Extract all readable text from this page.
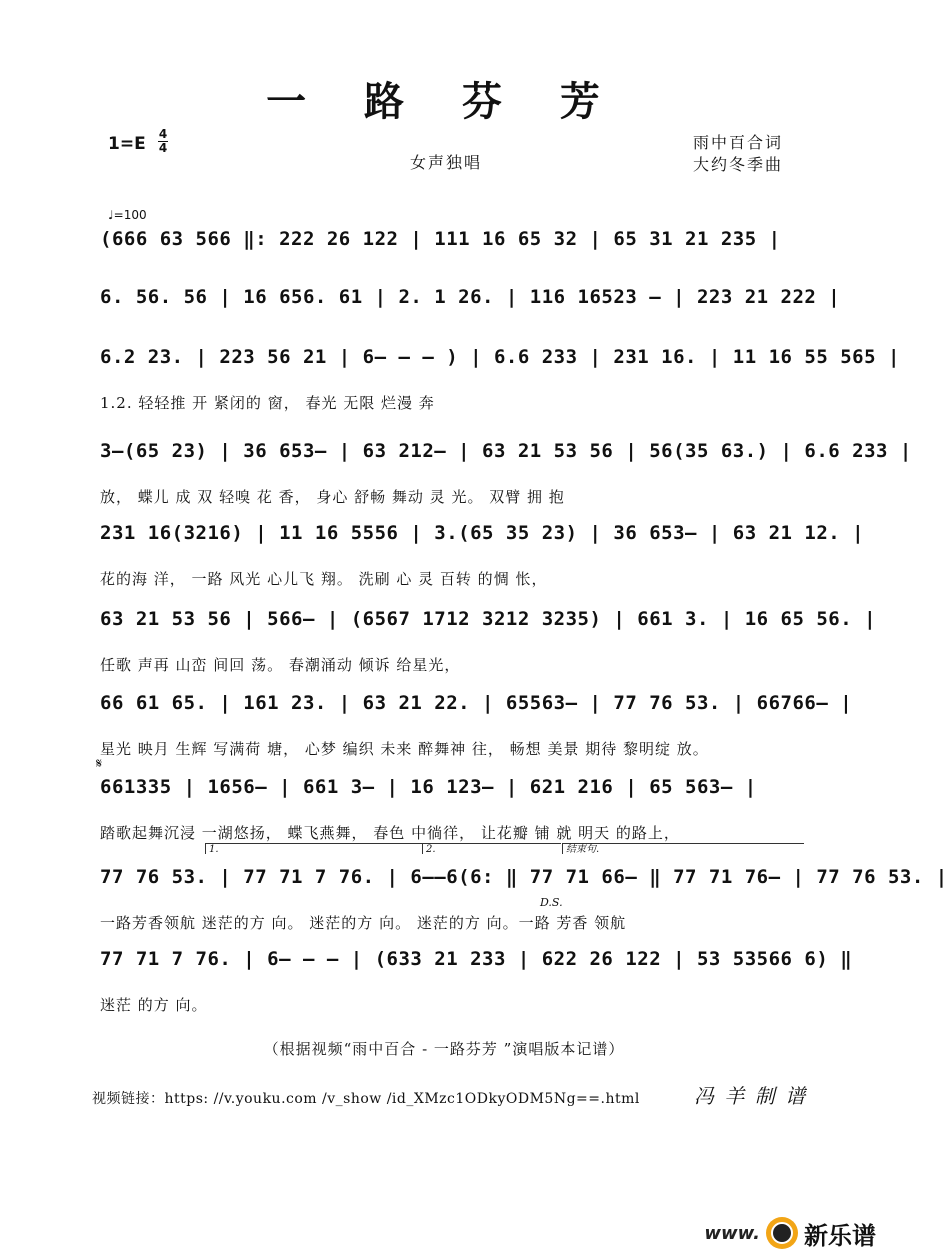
一 路 芬 芳
1=E 4
4
女声独唱
雨中百合词
大约冬季曲
♩=100
(666 63 566 ‖: 222 26 122 | 111 16 65 32 | 65 31 21 235 |
6. 56. 56 | 16 656. 61 | 2. 1 26. | 116 16523 – | 223 21 222 |
6.2 23. | 223 56 21 | 6– – – ) | 6.6 233 | 231 16. | 11 16 55 565 |
1.2. 轻轻推 开 紧闭的 窗， 春光 无限 烂漫 奔
3–(65 23) | 36 653– | 63 212– | 63 21 53 56 | 56(35 63.) | 6.6 233 |
放， 蝶儿 成 双 轻嗅 花 香， 身心 舒畅 舞动 灵 光。 双臂 拥 抱
231 16(3216) | 11 16 5556 | 3.(65 35 23) | 36 653– | 63 21 12. |
花的海 洋， 一路 风光 心儿飞 翔。 洗刷 心 灵 百转 的惆 怅，
63 21 53 56 | 566– | (6567 1712 3212 3235) | 661 3. | 16 65 56. |
任歌 声再 山峦 间回 荡。 春潮涌动 倾诉 给星光，
66 61 65. | 161 23. | 63 21 22. | 65563– | 77 76 53. | 66766– |
星光 映月 生辉 写满荷 塘， 心梦 编织 未来 醉舞神 往， 畅想 美景 期待 黎明绽 放。
661335 | 1656– | 661 3– | 16 123– | 621 216 | 65 563– |
踏歌起舞沉浸 一湖悠扬， 蝶飞燕舞， 春色 中徜徉， 让花瓣 铺 就 明天 的路上，
77 76 53. | 77 71 7 76. | 6––6(6: ‖ 77 71 66– ‖ 77 71 76– | 77 76 53. |
一路芳香领航 迷茫的方 向。 迷茫的方 向。 迷茫的方 向。一路 芳香 领航
77 71 7 76. | 6– – – | (633 21 233 | 622 26 122 | 53 53566 6) ‖
迷茫 的方 向。
𝄋
1.	2.	结束句.
D.S.
（根据视频“雨中百合 - 一路芬芳 ”演唱版本记谱）
视频链接：https: //v.youku.com /v_show /id_XMzc1ODkyODM5Ng==.html	冯 羊 制 谱
www. 新乐谱
